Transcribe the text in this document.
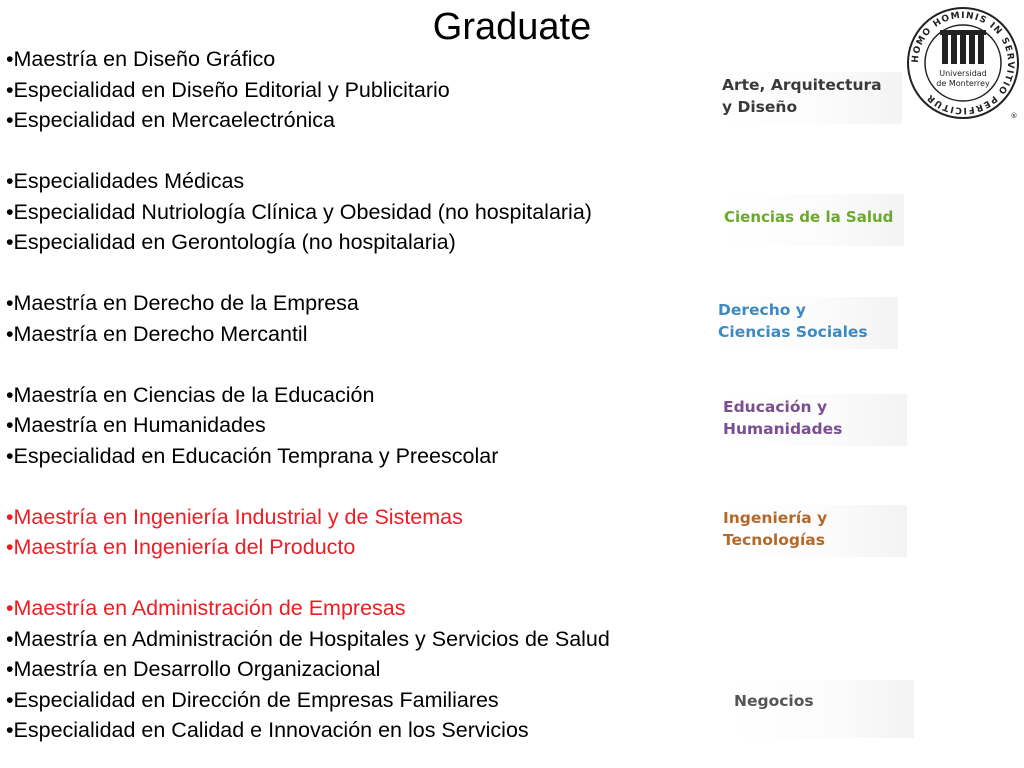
Graduate
•Maestría en Diseño Gráfico
•Especialidad en Diseño Editorial y Publicitario
•Especialidad en Mercaelectrónica
•Especialidades Médicas
•Especialidad Nutriología Clínica y Obesidad (no hospitalaria)
•Especialidad en Gerontología (no hospitalaria)
•Maestría en Derecho de la Empresa
•Maestría en Derecho Mercantil
•Maestría en Ciencias de la Educación
•Maestría en Humanidades
•Especialidad en Educación Temprana y Preescolar
•Maestría en Ingeniería Industrial y de Sistemas
•Maestría en Ingeniería del Producto
•Maestría en Administración de Empresas
•Maestría en Administración de Hospitales y Servicios de Salud
•Maestría en Desarrollo Organizacional
•Especialidad en Dirección de Empresas Familiares
•Especialidad en Calidad e Innovación en los Servicios
Arte, Arquitectura
y Diseño
Ciencias de la Salud
Derecho y
Ciencias Sociales
Educación y
Humanidades
Ingeniería y
Tecnologías
Negocios
HOMO HOMINIS IN SERVITIO PERFICITUR
Universidad
de Monterrey
®
